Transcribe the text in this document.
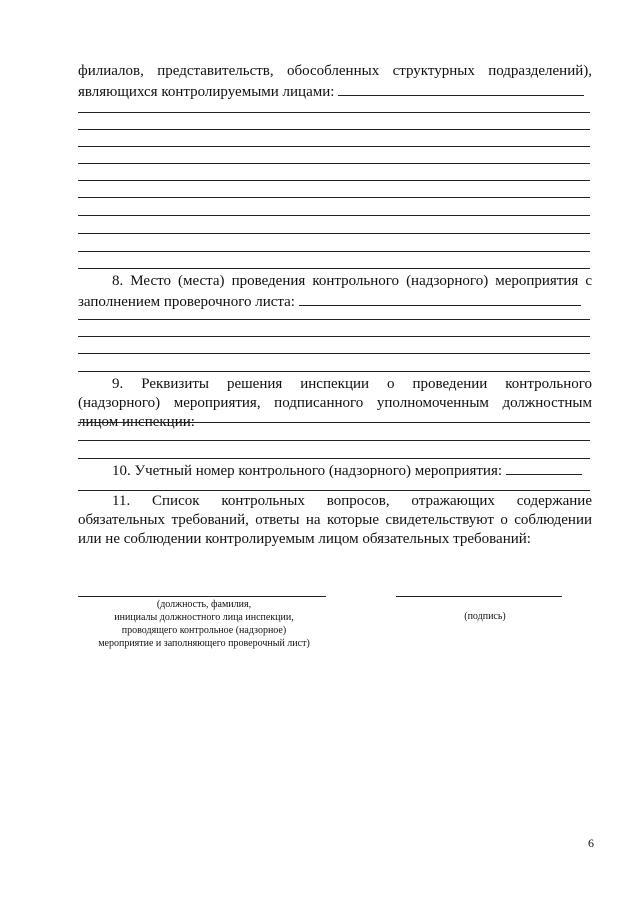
филиалов, представительств, обособленных структурных подразделений),
являющихся контролируемыми лицами:

8. Место (места) проведения контрольного (надзорного) мероприятия с заполнением проверочного листа:

9. Реквизиты решения инспекции о проведении контрольного (надзорного) мероприятия, подписанного уполномоченным должностным лицом инспекции:

10. Учетный номер контрольного (надзорного) мероприятия:

11. Список контрольных вопросов, отражающих содержание обязательных требований, ответы на которые свидетельствуют о соблюдении или не соблюдении контролируемым лицом обязательных требований:

(должность, фамилия,
инициалы должностного лица инспекции,
проводящего контрольное (надзорное)
мероприятие и заполняющего проверочный лист)
(подпись)
6
